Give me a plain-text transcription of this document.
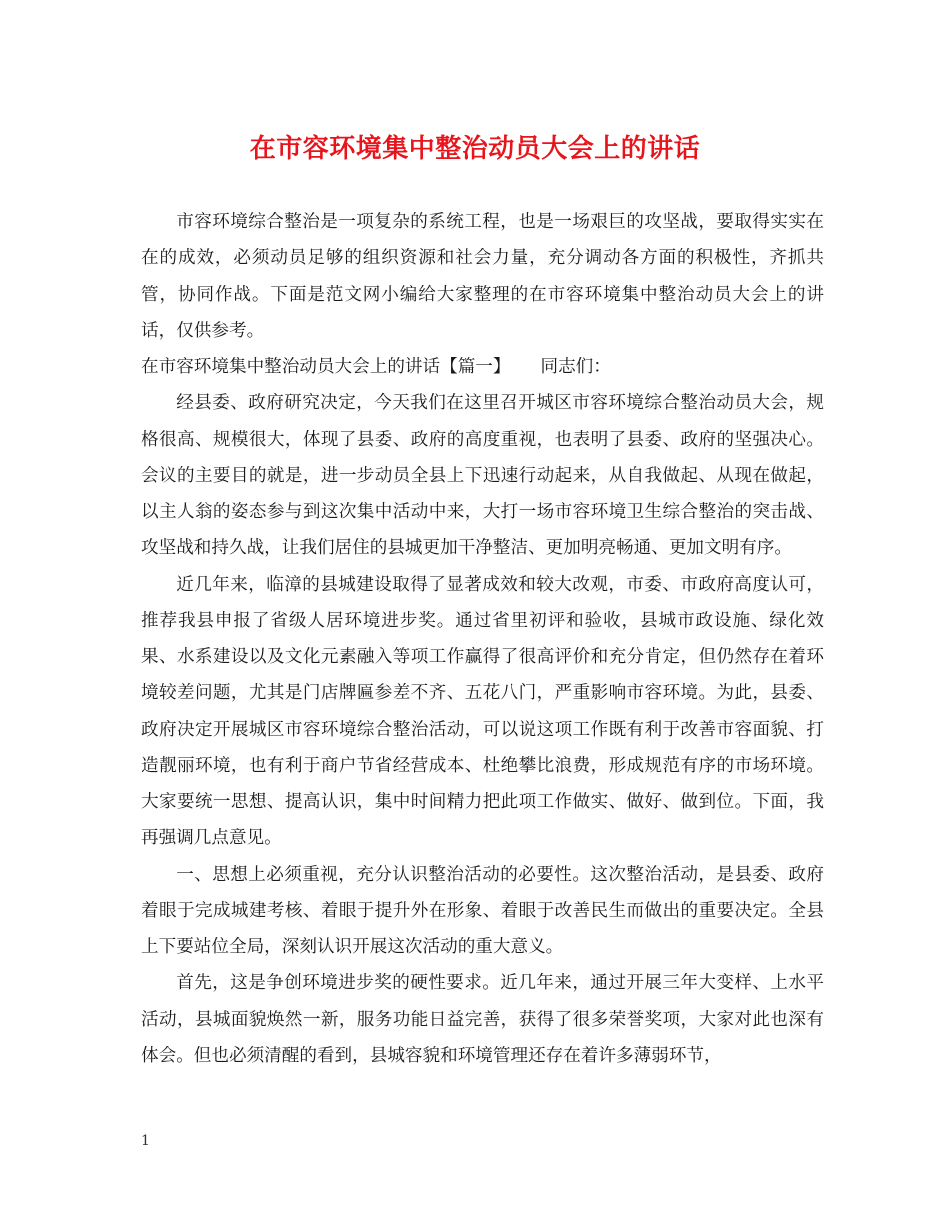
在市容环境集中整治动员大会上的讲话

市容环境综合整治是一项复杂的系统工程，也是一场艰巨的攻坚战，要取得实实在在的成效，必须动员足够的组织资源和社会力量，充分调动各方面的积极性，齐抓共管，协同作战。下面是范文网小编给大家整理的在市容环境集中整治动员大会上的讲话，仅供参考。

在市容环境集中整治动员大会上的讲话【篇一】 同志们：

经县委、政府研究决定，今天我们在这里召开城区市容环境综合整治动员大会，规格很高、规模很大，体现了县委、政府的高度重视，也表明了县委、政府的坚强决心。会议的主要目的就是，进一步动员全县上下迅速行动起来，从自我做起、从现在做起，以主人翁的姿态参与到这次集中活动中来，大打一场市容环境卫生综合整治的突击战、攻坚战和持久战，让我们居住的县城更加干净整洁、更加明亮畅通、更加文明有序。

近几年来，临漳的县城建设取得了显著成效和较大改观，市委、市政府高度认可，推荐我县申报了省级人居环境进步奖。通过省里初评和验收，县城市政设施、绿化效果、水系建设以及文化元素融入等项工作赢得了很高评价和充分肯定，但仍然存在着环境较差问题，尤其是门店牌匾参差不齐、五花八门，严重影响市容环境。为此，县委、政府决定开展城区市容环境综合整治活动，可以说这项工作既有利于改善市容面貌、打造靓丽环境，也有利于商户节省经营成本、杜绝攀比浪费，形成规范有序的市场环境。大家要统一思想、提高认识，集中时间精力把此项工作做实、做好、做到位。下面，我再强调几点意见。

一、思想上必须重视，充分认识整治活动的必要性。这次整治活动，是县委、政府着眼于完成城建考核、着眼于提升外在形象、着眼于改善民生而做出的重要决定。全县上下要站位全局，深刻认识开展这次活动的重大意义。

首先，这是争创环境进步奖的硬性要求。近几年来，通过开展三年大变样、上水平活动，县城面貌焕然一新，服务功能日益完善，获得了很多荣誉奖项，大家对此也深有体会。但也必须清醒的看到，县城容貌和环境管理还存在着许多薄弱环节，

1
